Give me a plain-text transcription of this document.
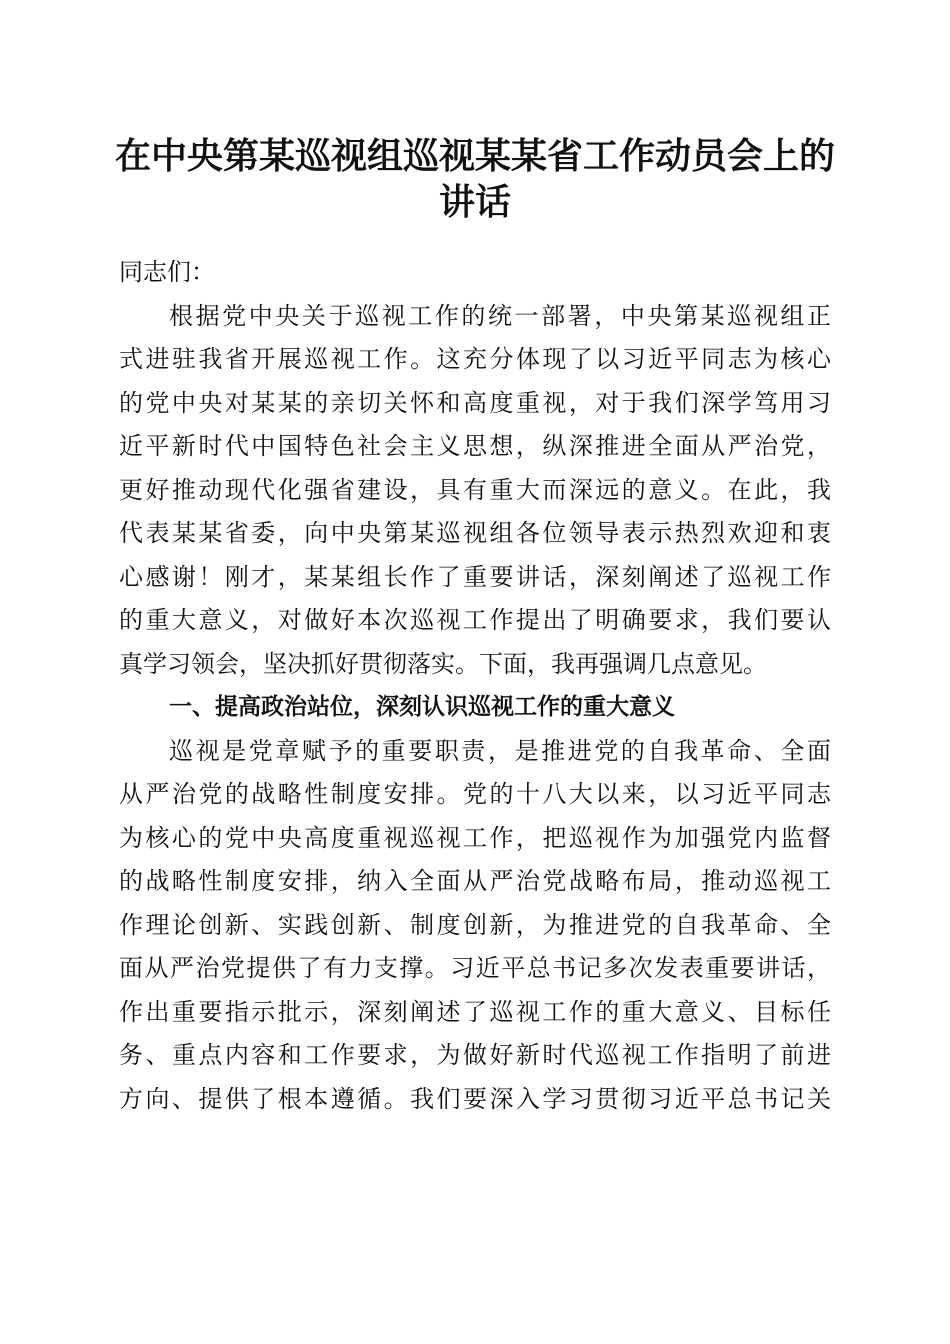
在中央第某巡视组巡视某某省工作动员会上的
讲话
同志们：
根据党中央关于巡视工作的统一部署，中央第某巡视组正
式进驻我省开展巡视工作。这充分体现了以习近平同志为核心
的党中央对某某的亲切关怀和高度重视，对于我们深学笃用习
近平新时代中国特色社会主义思想，纵深推进全面从严治党，
更好推动现代化强省建设，具有重大而深远的意义。在此，我
代表某某省委，向中央第某巡视组各位领导表示热烈欢迎和衷
心感谢！刚才，某某组长作了重要讲话，深刻阐述了巡视工作
的重大意义，对做好本次巡视工作提出了明确要求，我们要认
真学习领会，坚决抓好贯彻落实。下面，我再强调几点意见。
一、提高政治站位，深刻认识巡视工作的重大意义
巡视是党章赋予的重要职责，是推进党的自我革命、全面
从严治党的战略性制度安排。党的十八大以来，以习近平同志
为核心的党中央高度重视巡视工作，把巡视作为加强党内监督
的战略性制度安排，纳入全面从严治党战略布局，推动巡视工
作理论创新、实践创新、制度创新，为推进党的自我革命、全
面从严治党提供了有力支撑。习近平总书记多次发表重要讲话，
作出重要指示批示，深刻阐述了巡视工作的重大意义、目标任
务、重点内容和工作要求，为做好新时代巡视工作指明了前进
方向、提供了根本遵循。我们要深入学习贯彻习近平总书记关
